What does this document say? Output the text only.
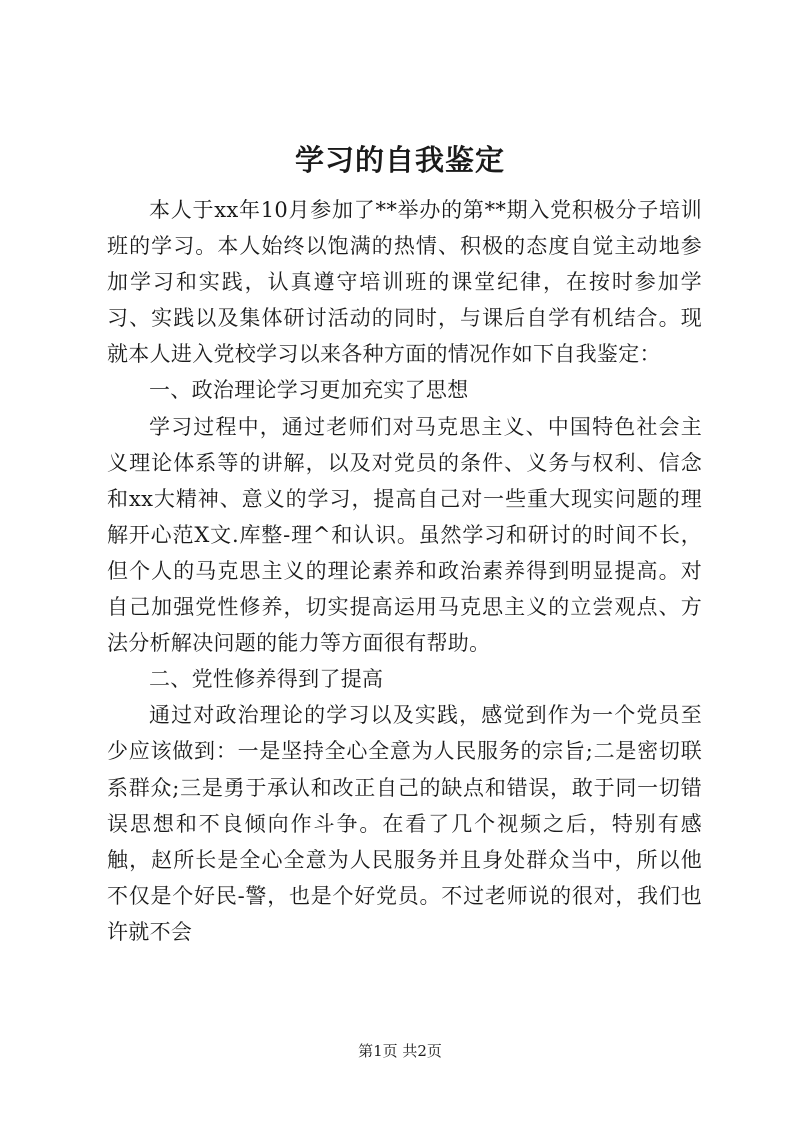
学习的自我鉴定

本人于xx年10月参加了**举办的第**期入党积极分子培训班的学习。本人始终以饱满的热情、积极的态度自觉主动地参加学习和实践，认真遵守培训班的课堂纪律，在按时参加学习、实践以及集体研讨活动的同时，与课后自学有机结合。现就本人进入党校学习以来各种方面的情况作如下自我鉴定：

一、政治理论学习更加充实了思想

学习过程中，通过老师们对马克思主义、中国特色社会主义理论体系等的讲解，以及对党员的条件、义务与权利、信念和xx大精神、意义的学习，提高自己对一些重大现实问题的理解开心范X文.库整-理^和认识。虽然学习和研讨的时间不长，但个人的马克思主义的理论素养和政治素养得到明显提高。对自己加强党性修养，切实提高运用马克思主义的立尝观点、方法分析解决问题的能力等方面很有帮助。

二、党性修养得到了提高

通过对政治理论的学习以及实践，感觉到作为一个党员至少应该做到：一是坚持全心全意为人民服务的宗旨;二是密切联系群众;三是勇于承认和改正自己的缺点和错误，敢于同一切错误思想和不良倾向作斗争。在看了几个视频之后，特别有感触，赵所长是全心全意为人民服务并且身处群众当中，所以他不仅是个好民-警，也是个好党员。不过老师说的很对，我们也许就不会

第1页 共2页
